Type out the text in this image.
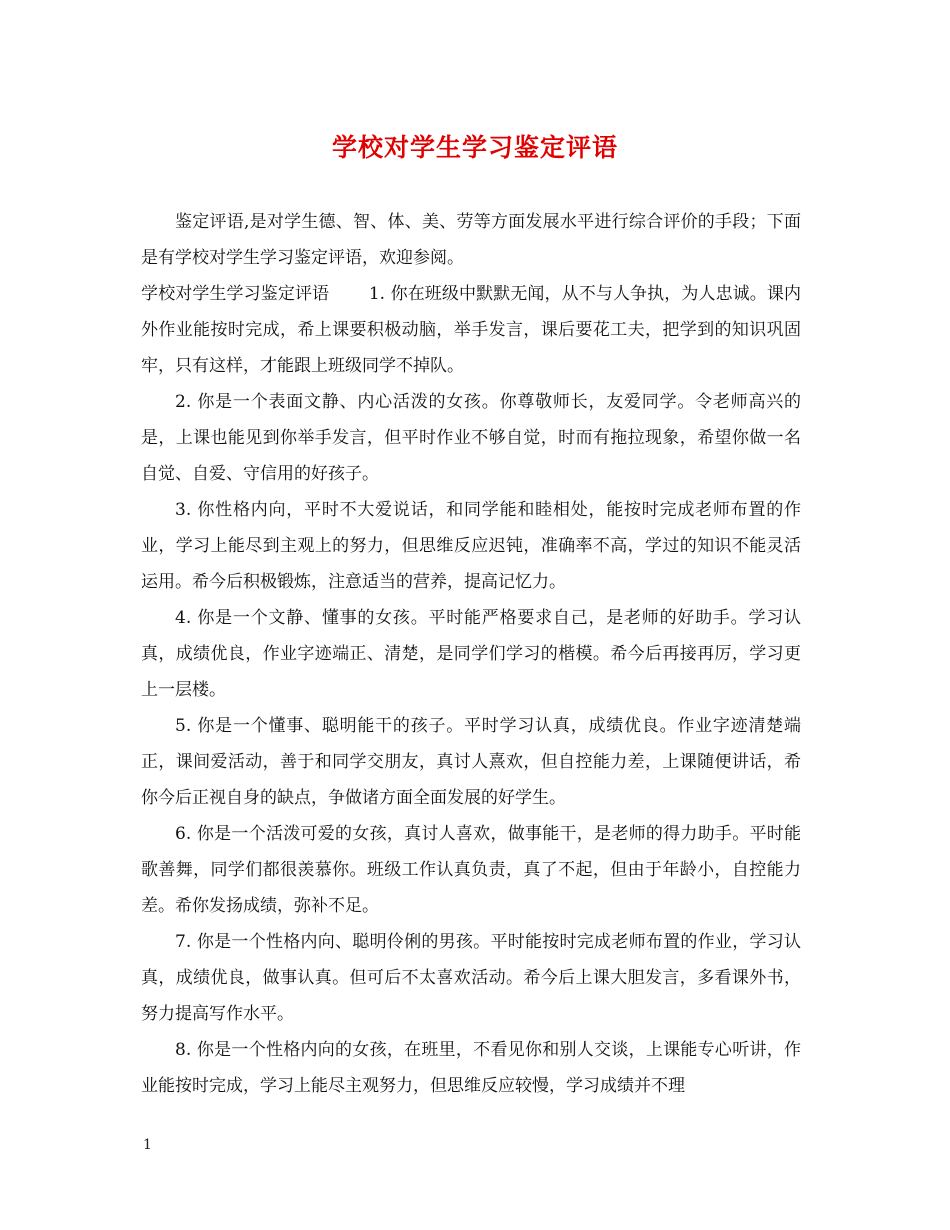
学校对学生学习鉴定评语

鉴定评语,是对学生德、智、体、美、劳等方面发展水平进行综合评价的手段；下面是有学校对学生学习鉴定评语，欢迎参阅。

学校对学生学习鉴定评语　　 1. 你在班级中默默无闻，从不与人争执，为人忠诚。课内外作业能按时完成，希上课要积极动脑，举手发言，课后要花工夫，把学到的知识巩固牢，只有这样，才能跟上班级同学不掉队。

2. 你是一个表面文静、内心活泼的女孩。你尊敬师长，友爱同学。令老师高兴的是，上课也能见到你举手发言，但平时作业不够自觉，时而有拖拉现象，希望你做一名自觉、自爱、守信用的好孩子。

3. 你性格内向，平时不大爱说话，和同学能和睦相处，能按时完成老师布置的作业，学习上能尽到主观上的努力，但思维反应迟钝，准确率不高，学过的知识不能灵活运用。希今后积极锻炼，注意适当的营养，提高记忆力。

4. 你是一个文静、懂事的女孩。平时能严格要求自己，是老师的好助手。学习认真，成绩优良，作业字迹端正、清楚，是同学们学习的楷模。希今后再接再厉，学习更上一层楼。

5. 你是一个懂事、聪明能干的孩子。平时学习认真，成绩优良。作业字迹清楚端正，课间爱活动，善于和同学交朋友，真讨人熹欢，但自控能力差，上课随便讲话，希你今后正视自身的缺点，争做诸方面全面发展的好学生。

6. 你是一个活泼可爱的女孩，真讨人喜欢，做事能干，是老师的得力助手。平时能歌善舞，同学们都很羡慕你。班级工作认真负责，真了不起，但由于年龄小，自控能力差。希你发扬成绩，弥补不足。

7. 你是一个性格内向、聪明伶俐的男孩。平时能按时完成老师布置的作业，学习认真，成绩优良，做事认真。但可后不太喜欢活动。希今后上课大胆发言，多看课外书，努力提高写作水平。

8. 你是一个性格内向的女孩，在班里，不看见你和别人交谈，上课能专心听讲，作业能按时完成，学习上能尽主观努力，但思维反应较慢，学习成绩并不理

1
